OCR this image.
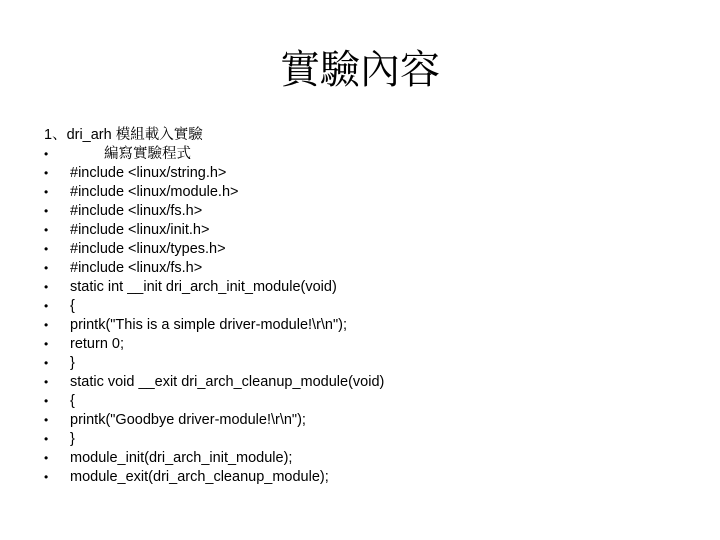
實驗內容
1、dri_arh 模組載入實驗
•	編寫實驗程式
•	#include <linux/string.h>
•	#include <linux/module.h>
•	#include <linux/fs.h>
•	#include <linux/init.h>
•	#include <linux/types.h>
•	#include <linux/fs.h>
•	static int __init dri_arch_init_module(void)
•	{
•	printk("This is a simple driver-module!\r\n");
•	return 0;
•	}
•	static void __exit dri_arch_cleanup_module(void)
•	{
•	printk("Goodbye driver-module!\r\n");
•	}
•	module_init(dri_arch_init_module);
•	module_exit(dri_arch_cleanup_module);
